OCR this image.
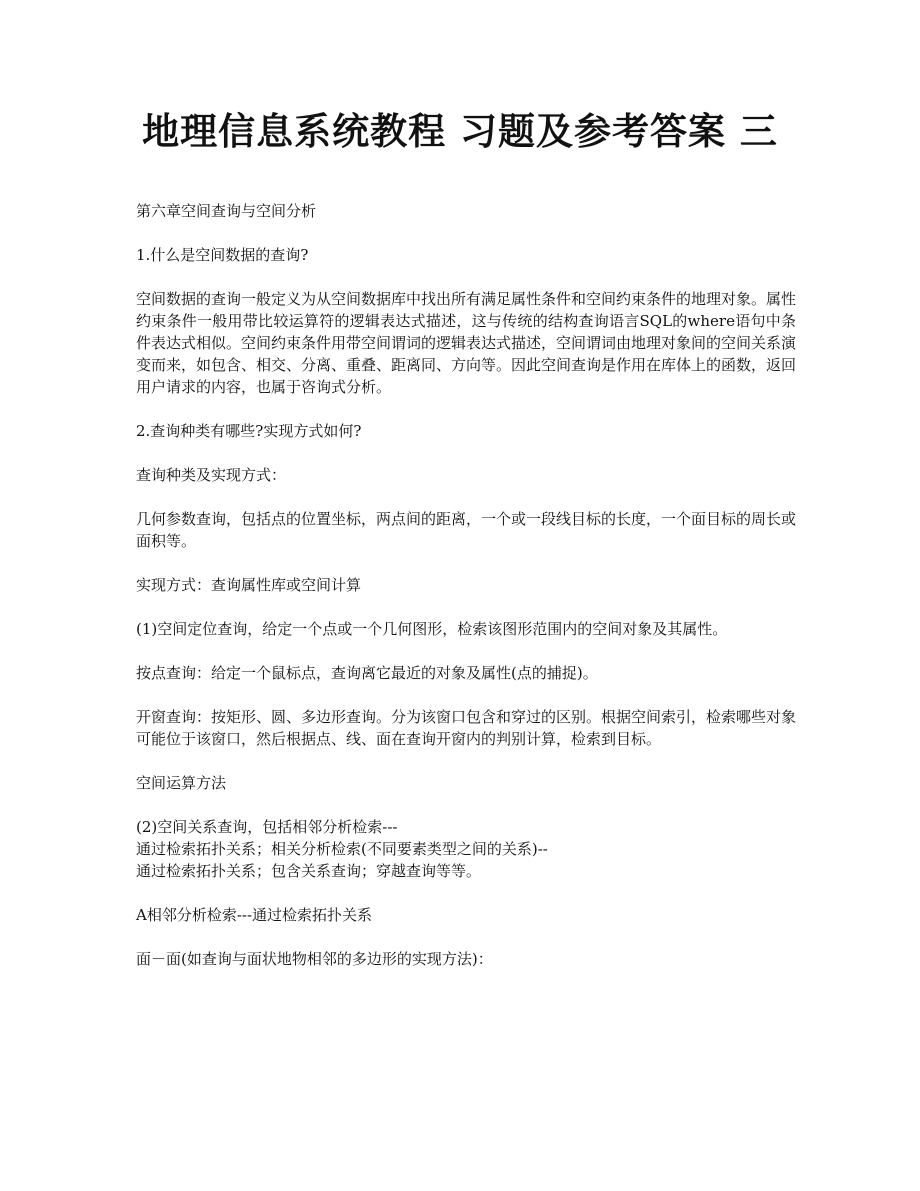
地理信息系统教程 习题及参考答案 三

第六章空间查询与空间分析

1.什么是空间数据的查询?

空间数据的查询一般定义为从空间数据库中找出所有满足属性条件和空间约束条件的地理对象。属性约束条件一般用带比较运算符的逻辑表达式描述，这与传统的结构查询语言SQL的where语句中条件表达式相似。空间约束条件用带空间谓词的逻辑表达式描述，空间谓词由地理对象间的空间关系演变而来，如包含、相交、分离、重叠、距离同、方向等。因此空间查询是作用在库体上的函数，返回用户请求的内容，也属于咨询式分析。

2.查询种类有哪些?实现方式如何?

查询种类及实现方式：

几何参数查询，包括点的位置坐标，两点间的距离，一个或一段线目标的长度，一个面目标的周长或面积等。

实现方式：查询属性库或空间计算

(1)空间定位查询，给定一个点或一个几何图形，检索该图形范围内的空间对象及其属性。

按点查询：给定一个鼠标点，查询离它最近的对象及属性(点的捕捉)。

开窗查询：按矩形、圆、多边形查询。分为该窗口包含和穿过的区别。根据空间索引，检索哪些对象可能位于该窗口，然后根据点、线、面在查询开窗内的判别计算，检索到目标。

空间运算方法

(2)空间关系查询，包括相邻分析检索---
通过检索拓扑关系；相关分析检索(不同要素类型之间的关系)--
通过检索拓扑关系；包含关系查询；穿越查询等等。

A相邻分析检索---通过检索拓扑关系

面－面(如查询与面状地物相邻的多边形的实现方法)：
